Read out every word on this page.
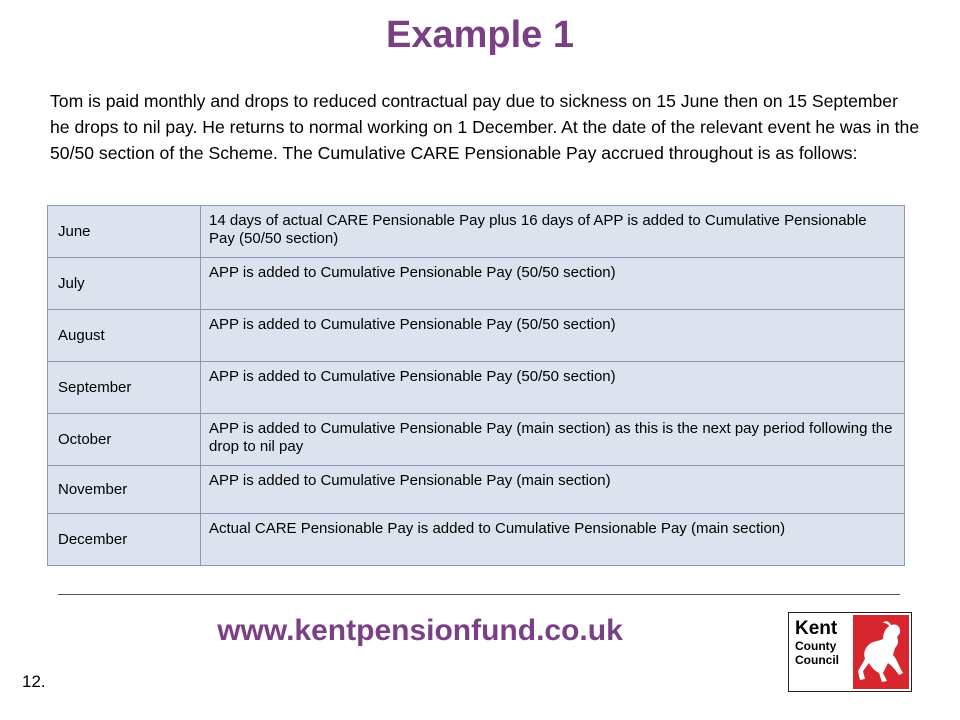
Example 1
Tom is paid monthly and drops to reduced contractual pay due to sickness on 15 June then on 15 September he drops to nil pay. He returns to normal working on 1 December. At the date of the relevant event he was in the 50/50 section of the Scheme. The Cumulative CARE Pensionable Pay accrued throughout is as follows:
June	14 days of actual CARE Pensionable Pay plus 16 days of APP is added to Cumulative Pensionable Pay (50/50 section)
July	APP is added to Cumulative Pensionable Pay (50/50 section)
August	APP is added to Cumulative Pensionable Pay (50/50 section)
September	APP is added to Cumulative Pensionable Pay (50/50 section)
October	APP is added to Cumulative Pensionable Pay (main section) as this is the next pay period following the drop to nil pay
November	APP is added to Cumulative Pensionable Pay (main section)
December	Actual CARE Pensionable Pay is added to Cumulative Pensionable Pay (main section)
www.kentpensionfund.co.uk
12.
Kent
County
Council
